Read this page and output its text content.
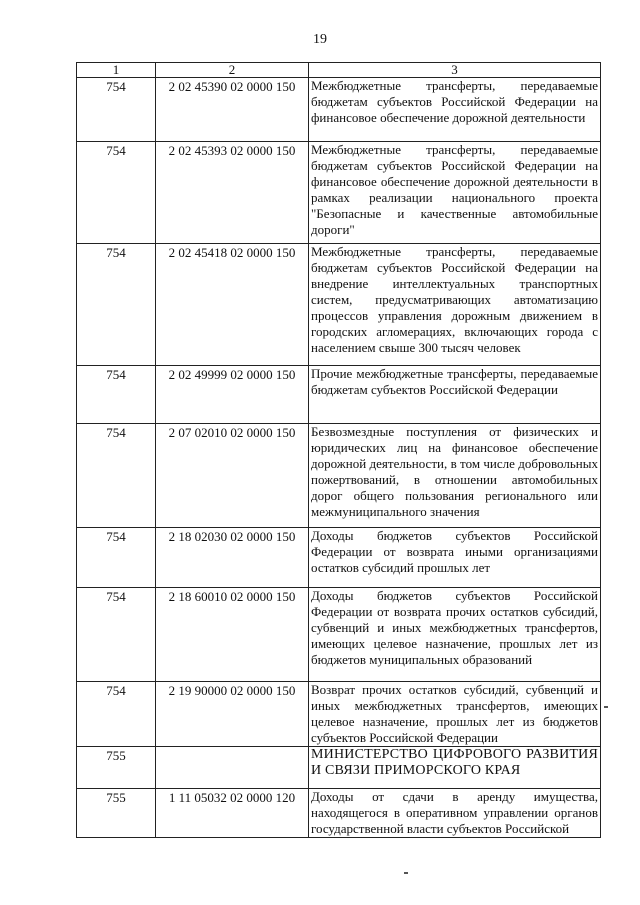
19
1	2	3

754	2 02 45390 02 0000 150	Межбюджетные трансферты, передаваемые бюджетам субъектов Российской Федерации на финансовое обеспечение дорожной деятельности

754	2 02 45393 02 0000 150	Межбюджетные трансферты, передаваемые бюджетам субъектов Российской Федерации на финансовое обеспечение дорожной деятельности в рамках реализации национального проекта "Безопасные и качественные автомобильные дороги"

754	2 02 45418 02 0000 150	Межбюджетные трансферты, передаваемые бюджетам субъектов Российской Федерации на внедрение интеллектуальных транспортных систем, предусматривающих автоматизацию процессов управления дорожным движением в городских агломерациях, включающих города с населением свыше 300 тысяч человек

754	2 02 49999 02 0000 150	Прочие межбюджетные трансферты, передаваемые бюджетам субъектов Российской Федерации

754	2 07 02010 02 0000 150	Безвозмездные поступления от физических и юридических лиц на финансовое обеспечение дорожной деятельности, в том числе добровольных пожертвований, в отношении автомобильных дорог общего пользования регионального или межмуниципального значения

754	2 18 02030 02 0000 150	Доходы бюджетов субъектов Российской Федерации от возврата иными организациями остатков субсидий прошлых лет

754	2 18 60010 02 0000 150	Доходы бюджетов субъектов Российской Федерации от возврата прочих остатков субсидий, субвенций и иных межбюджетных трансфертов, имеющих целевое назначение, прошлых лет из бюджетов муниципальных образований

754	2 19 90000 02 0000 150	Возврат прочих остатков субсидий, субвенций и иных межбюджетных трансфертов, имеющих целевое назначение, прошлых лет из бюджетов субъектов Российской Федерации

755		МИНИСТЕРСТВО ЦИФРОВОГО РАЗВИТИЯ И СВЯЗИ ПРИМОРСКОГО КРАЯ

755	1 11 05032 02 0000 120	Доходы от сдачи в аренду имущества, находящегося в оперативном управлении органов государственной власти субъектов Российской
